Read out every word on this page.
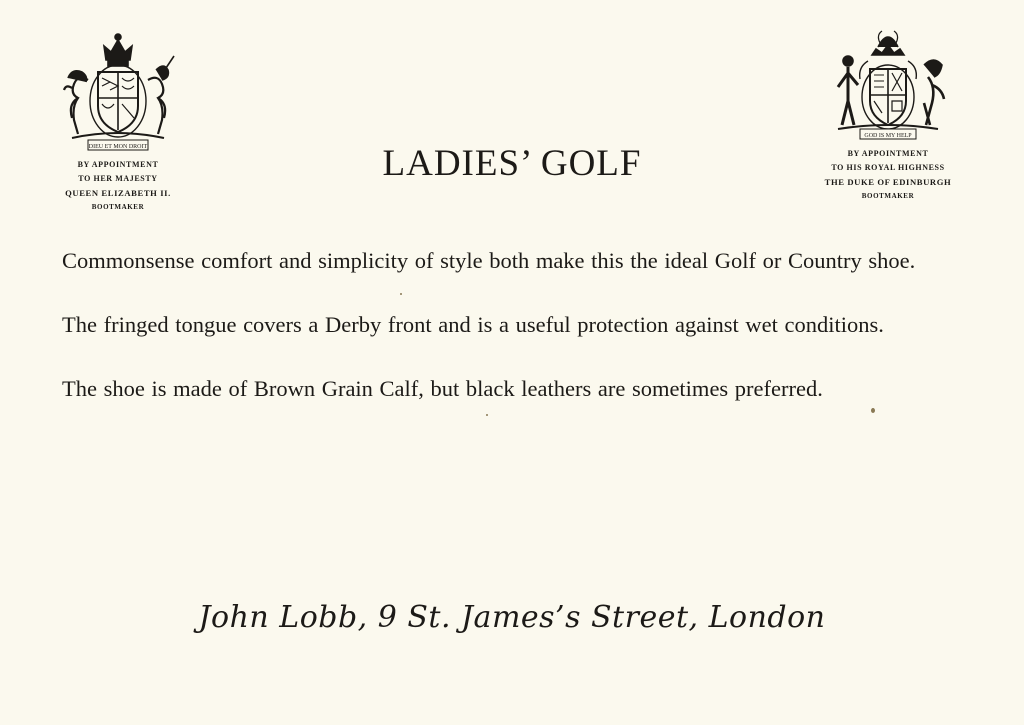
DIEU ET MON DROIT
BY APPOINTMENT
TO HER MAJESTY
QUEEN ELIZABETH II.
BOOTMAKER
LADIES’ GOLF
GOD IS MY HELP
BY APPOINTMENT
TO HIS ROYAL HIGHNESS
THE DUKE OF EDINBURGH
BOOTMAKER

Commonsense comfort and simplicity of style both make this the ideal Golf or Country shoe.

The fringed tongue covers a Derby front and is a useful protection against wet conditions.

The shoe is made of Brown Grain Calf, but black leathers are sometimes preferred.

John Lobb, 9 St. James’s Street, London
